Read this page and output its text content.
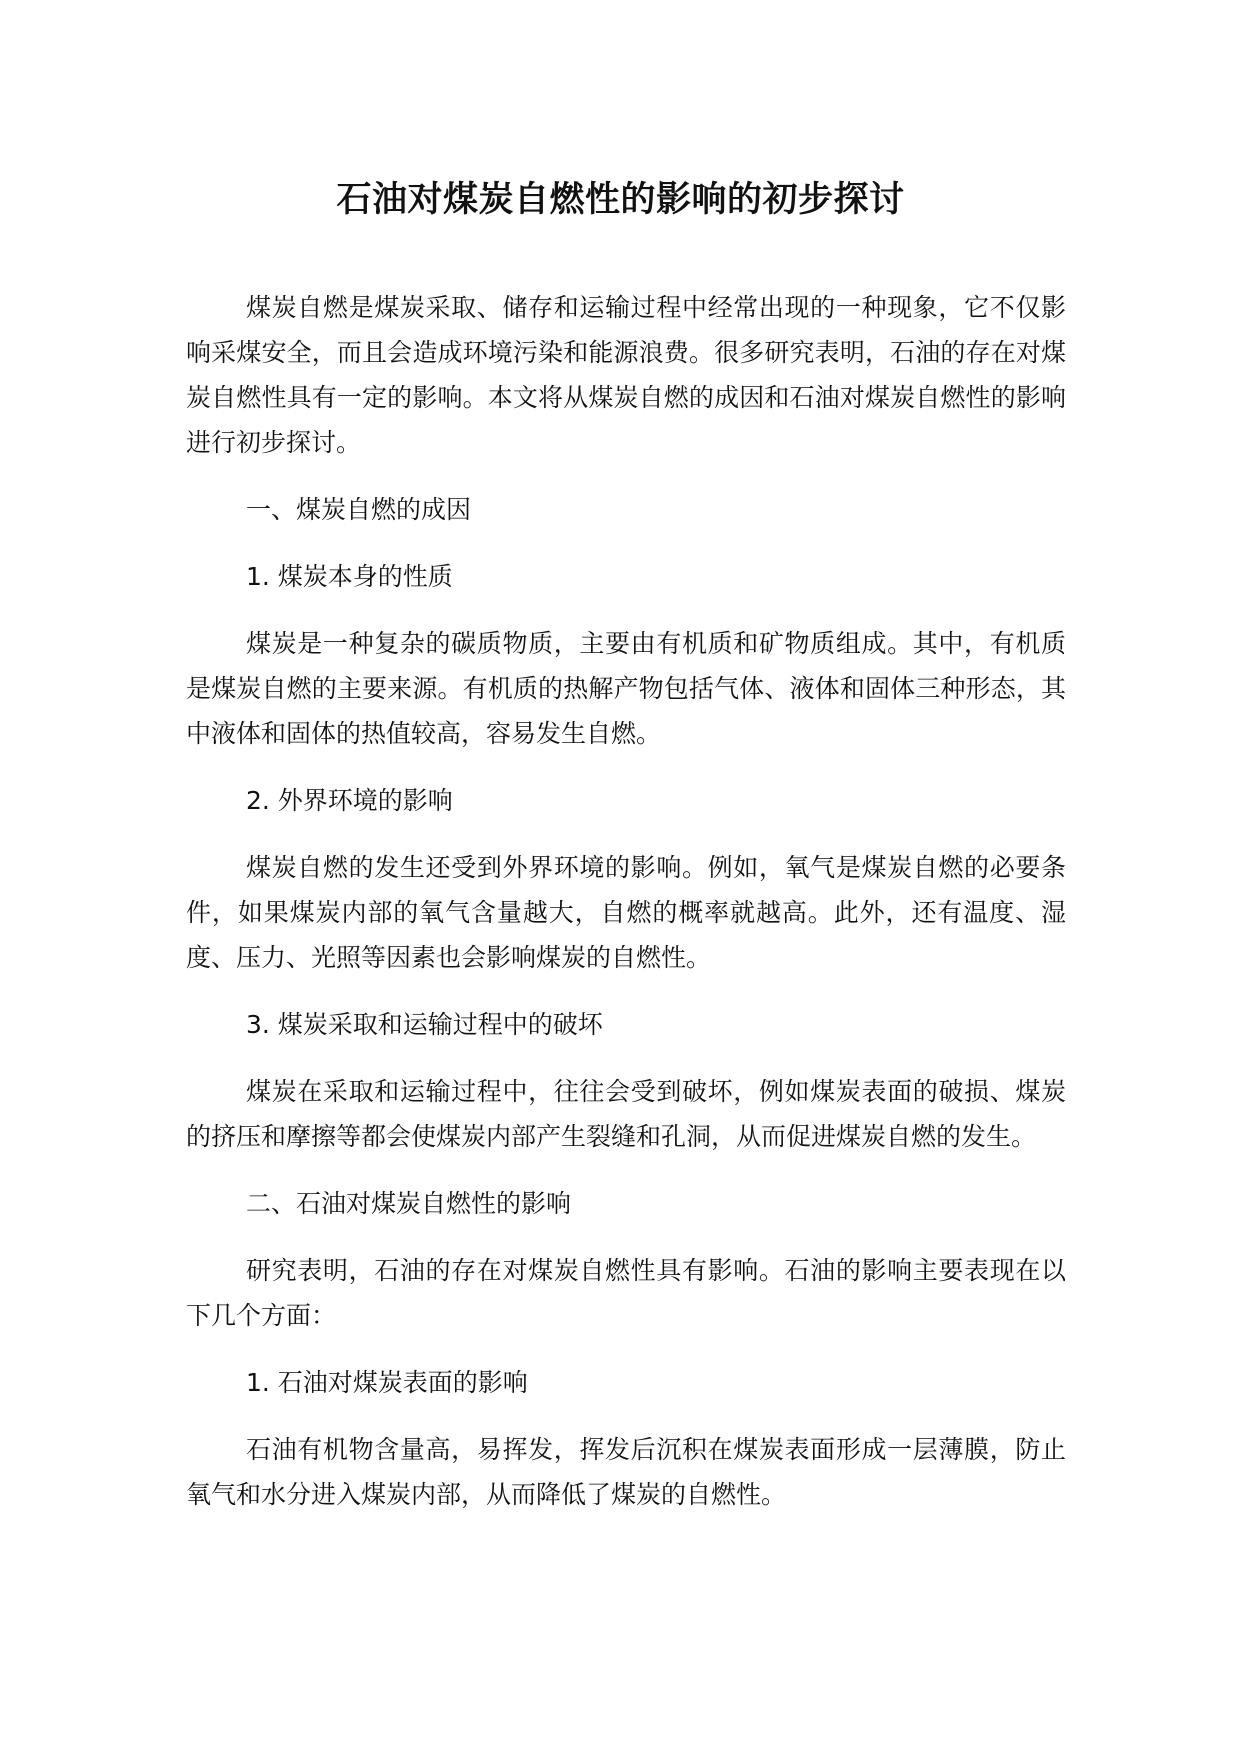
石油对煤炭自燃性的影响的初步探讨

煤炭自燃是煤炭采取、储存和运输过程中经常出现的一种现象，它不仅影响采煤安全，而且会造成环境污染和能源浪费。很多研究表明，石油的存在对煤炭自燃性具有一定的影响。本文将从煤炭自燃的成因和石油对煤炭自燃性的影响进行初步探讨。

一、煤炭自燃的成因

1. 煤炭本身的性质

煤炭是一种复杂的碳质物质，主要由有机质和矿物质组成。其中，有机质是煤炭自燃的主要来源。有机质的热解产物包括气体、液体和固体三种形态，其中液体和固体的热值较高，容易发生自燃。

2. 外界环境的影响

煤炭自燃的发生还受到外界环境的影响。例如，氧气是煤炭自燃的必要条件，如果煤炭内部的氧气含量越大，自燃的概率就越高。此外，还有温度、湿度、压力、光照等因素也会影响煤炭的自燃性。

3. 煤炭采取和运输过程中的破坏

煤炭在采取和运输过程中，往往会受到破坏，例如煤炭表面的破损、煤炭的挤压和摩擦等都会使煤炭内部产生裂缝和孔洞，从而促进煤炭自燃的发生。

二、石油对煤炭自燃性的影响

研究表明，石油的存在对煤炭自燃性具有影响。石油的影响主要表现在以下几个方面：

1. 石油对煤炭表面的影响

石油有机物含量高，易挥发，挥发后沉积在煤炭表面形成一层薄膜，防止氧气和水分进入煤炭内部，从而降低了煤炭的自燃性。
